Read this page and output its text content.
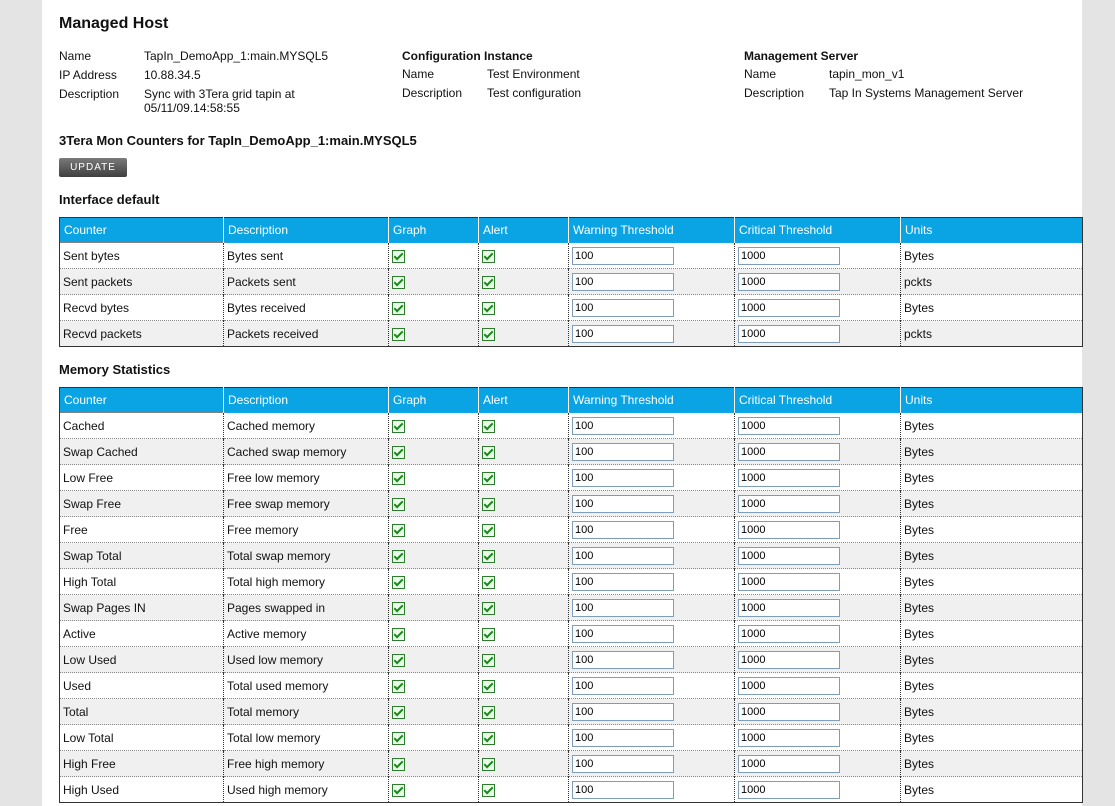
Managed Host
Name	TapIn_DemoApp_1:main.MYSQL5
IP Address	10.88.34.5
Description	Sync with 3Tera grid tapin at 05/11/09.14:58:55
Configuration Instance
Name	Test Environment
Description	Test configuration
Management Server
Name	tapin_mon_v1
Description	Tap In Systems Management Server
3Tera Mon Counters for TapIn_DemoApp_1:main.MYSQL5
UPDATE
Interface default
Counter	Description	Graph	Alert	Warning Threshold	Critical Threshold	Units
Sent bytes	Bytes sent			100	1000	Bytes
Sent packets	Packets sent			100	1000	pckts
Recvd bytes	Bytes received			100	1000	Bytes
Recvd packets	Packets received			100	1000	pckts
Memory Statistics
Counter	Description	Graph	Alert	Warning Threshold	Critical Threshold	Units
Cached	Cached memory			100	1000	Bytes
Swap Cached	Cached swap memory			100	1000	Bytes
Low Free	Free low memory			100	1000	Bytes
Swap Free	Free swap memory			100	1000	Bytes
Free	Free memory			100	1000	Bytes
Swap Total	Total swap memory			100	1000	Bytes
High Total	Total high memory			100	1000	Bytes
Swap Pages IN	Pages swapped in			100	1000	Bytes
Active	Active memory			100	1000	Bytes
Low Used	Used low memory			100	1000	Bytes
Used	Total used memory			100	1000	Bytes
Total	Total memory			100	1000	Bytes
Low Total	Total low memory			100	1000	Bytes
High Free	Free high memory			100	1000	Bytes
High Used	Used high memory			100	1000	Bytes
